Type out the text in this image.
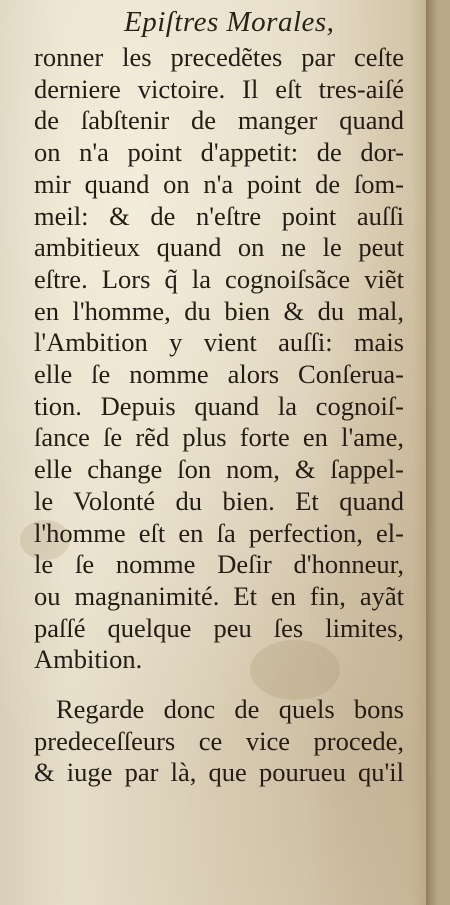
Epiſtres Morales,
ronner les precedẽtes par ceſte
derniere victoire. Il eſt tres-aiſé
de ſabſtenir de manger quand
on n'a point d'appetit: de dor-
mir quand on n'a point de ſom-
meil: & de n'eſtre point auſſi
ambitieux quand on ne le peut
eſtre. Lors q̃ la cognoiſsãce viẽt
en l'homme, du bien & du mal,
l'Ambition y vient auſſi: mais
elle ſe nomme alors Conſerua-
tion. Depuis quand la cognoiſ-
ſance ſe rẽd plus forte en l'ame,
elle change ſon nom, & ſappel-
le Volonté du bien. Et quand
l'homme eſt en ſa perfection, el-
le ſe nomme Deſir d'honneur,
ou magnanimité. Et en fin, ayãt
paſſé quelque peu ſes limites,
Ambition.
Regarde donc de quels bons
predeceſſeurs ce vice procede,
& iuge par là, que pourueu qu'il
